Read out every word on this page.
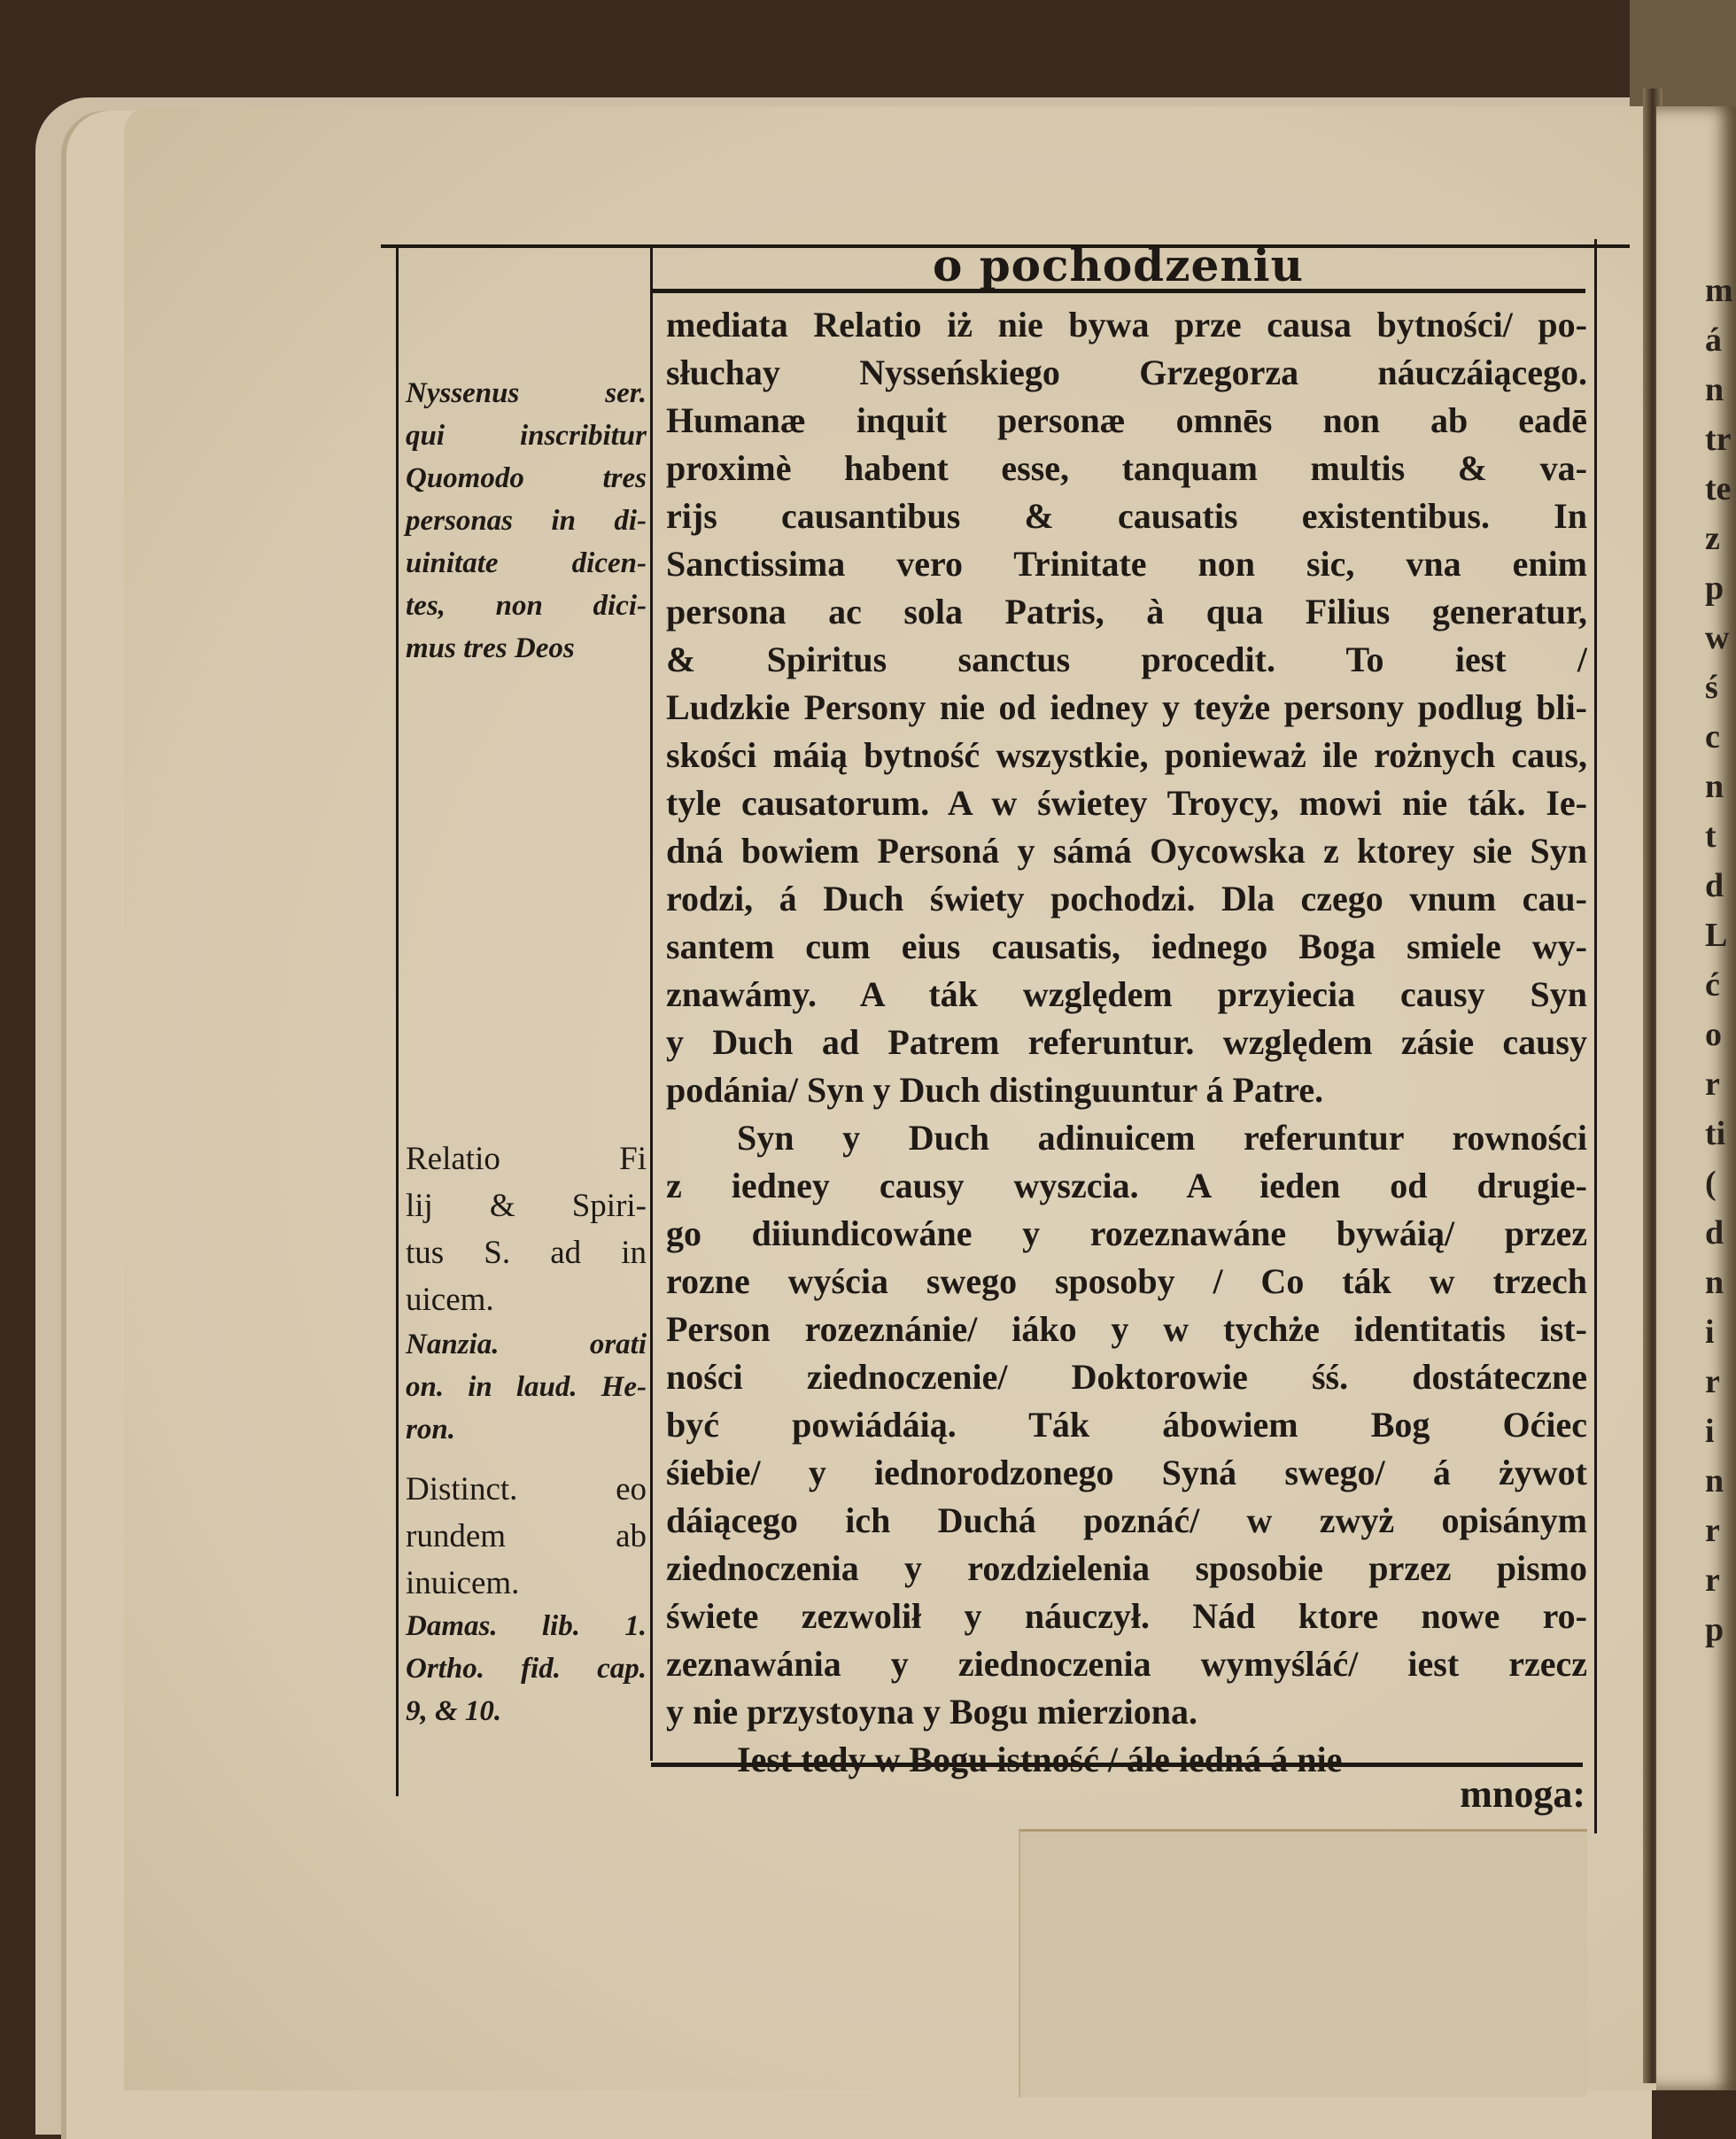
o pochodzeniu
mediata Relatio iż nie bywa prze causa bytności/ po-
słuchay Nysseńskiego Grzegorza náuczáiącego.
Humanæ inquit personæ omnēs non ab eadē
proximè habent esse, tanquam multis & va-
rijs causantibus & causatis existentibus. In
Sanctissima vero Trinitate non sic, vna enim
persona ac sola Patris, à qua Filius generatur,
& Spiritus sanctus procedit. To iest /
Ludzkie Persony nie od iedney y teyże persony podlug bli-
skości máią bytność wszystkie, ponieważ ile rożnych caus,
tyle causatorum. A w świetey Troycy, mowi nie ták. Ie-
dná bowiem Personá y sámá Oycowska z ktorey sie Syn
rodzi, á Duch świety pochodzi. Dla czego vnum cau-
santem cum eius causatis, iednego Boga smiele wy-
znawámy. A ták względem przyiecia causy Syn
y Duch ad Patrem referuntur. względem zásie causy
podánia/ Syn y Duch distinguuntur á Patre.
Syn y Duch adinuicem referuntur rowności
z iedney causy wyszcia. A ieden od drugie-
go diiundicowáne y rozeznawáne bywáią/ przez
rozne wyścia swego sposoby / Co ták w trzech
Person rozeznánie/ iáko y w tychże identitatis ist-
ności ziednoczenie/ Doktorowie śś. dostáteczne
być powiádáią. Ták ábowiem Bog Oćiec
śiebie/ y iednorodzonego Syná swego/ á żywot
dáiącego ich Duchá poznáć/ w zwyż opisánym
ziednoczenia y rozdzielenia sposobie przez pismo
świete zezwolił y náuczył. Nád ktore nowe ro-
zeznawánia y ziednoczenia wymyśláć/ iest rzecz
y nie przystoyna y Bogu mierziona.
Iest tedy w Bogu istność / ále iedná á nie
Nyssenus ser.
qui inscribitur
Quomodo tres
personas in di-
uinitate dicen-
tes, non dici-
mus tres Deos
Relatio Fi
lij & Spiri-
tus S. ad in
uicem.
Nanzia. orati
on. in laud. He-
ron.
Distinct. eo
rundem ab
inuicem.
Damas. lib. 1.
Ortho. fid. cap.
9, & 10.
mnoga:
m
á
n
tr
te
z
p
w
ś
c
n
t
d
L
ć
o
r
ti
(
d
n
i
r
i
n
r
r
p
